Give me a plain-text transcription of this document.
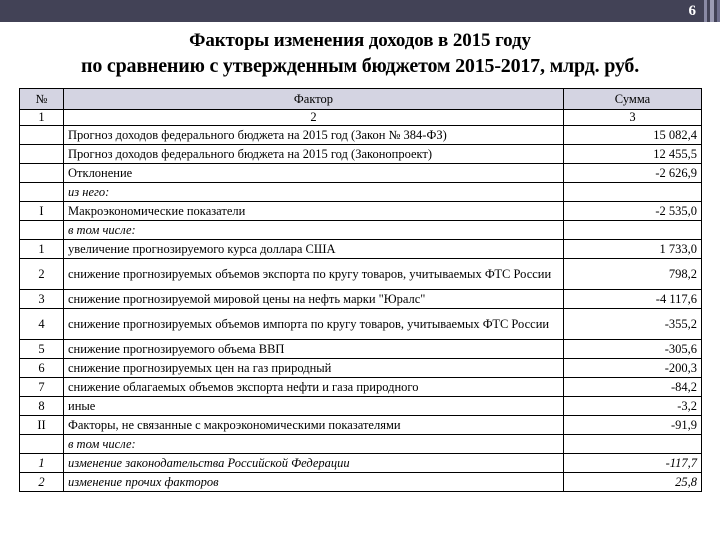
6
Факторы изменения доходов в 2015 году
по сравнению с утвержденным бюджетом 2015-2017, млрд. руб.
№	Фактор	Сумма
1	2	3
	Прогноз доходов федерального бюджета на 2015 год (Закон № 384-ФЗ)	15 082,4
	Прогноз доходов федерального бюджета на 2015 год (Законопроект)	12 455,5
	Отклонение	-2 626,9
	из него:	
I	Макроэкономические показатели	-2 535,0
	в том числе:	
1	увеличение прогнозируемого курса доллара США	1 733,0
2	снижение прогнозируемых объемов экспорта по кругу товаров, учитываемых ФТС России	798,2
3	снижение прогнозируемой мировой цены на нефть марки "Юралс"	-4 117,6
4	снижение прогнозируемых объемов импорта по кругу товаров, учитываемых ФТС России	-355,2
5	снижение прогнозируемого объема ВВП	-305,6
6	снижение прогнозируемых цен на газ природный	-200,3
7	снижение облагаемых объемов экспорта нефти и газа природного	-84,2
8	иные	-3,2
II	Факторы, не связанные с макроэкономическими показателями	-91,9
	в том числе:	
1	изменение законодательства Российской Федерации	-117,7
2	изменение прочих факторов	25,8
